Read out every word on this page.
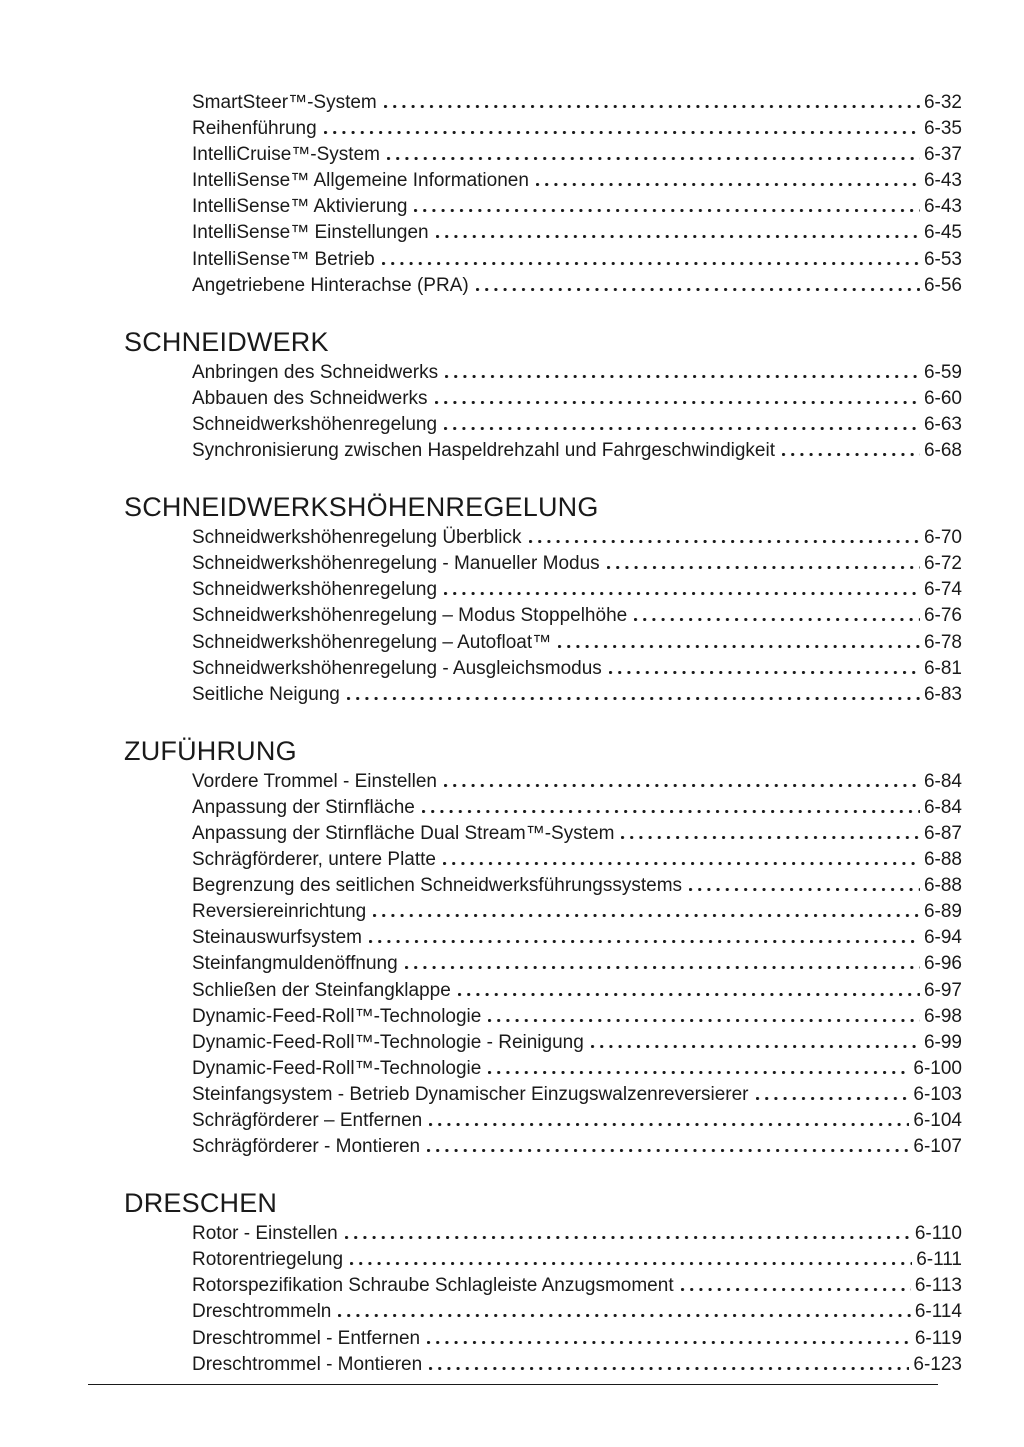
SmartSteer™-System	6-32
Reihenführung	6-35
IntelliCruise™-System	6-37
IntelliSense™ Allgemeine Informationen	6-43
IntelliSense™ Aktivierung	6-43
IntelliSense™ Einstellungen	6-45
IntelliSense™ Betrieb	6-53
Angetriebene Hinterachse (PRA)	6-56
SCHNEIDWERK
Anbringen des Schneidwerks	6-59
Abbauen des Schneidwerks	6-60
Schneidwerkshöhenregelung	6-63
Synchronisierung zwischen Haspeldrehzahl und Fahrgeschwindigkeit	6-68
SCHNEIDWERKSHÖHENREGELUNG
Schneidwerkshöhenregelung Überblick	6-70
Schneidwerkshöhenregelung - Manueller Modus	6-72
Schneidwerkshöhenregelung	6-74
Schneidwerkshöhenregelung – Modus Stoppelhöhe	6-76
Schneidwerkshöhenregelung – Autofloat™	6-78
Schneidwerkshöhenregelung - Ausgleichsmodus	6-81
Seitliche Neigung	6-83
ZUFÜHRUNG
Vordere Trommel - Einstellen	6-84
Anpassung der Stirnfläche	6-84
Anpassung der Stirnfläche Dual Stream™-System	6-87
Schrägförderer, untere Platte	6-88
Begrenzung des seitlichen Schneidwerksführungssystems	6-88
Reversiereinrichtung	6-89
Steinauswurfsystem	6-94
Steinfangmuldenöffnung	6-96
Schließen der Steinfangklappe	6-97
Dynamic-Feed-Roll™-Technologie	6-98
Dynamic-Feed-Roll™-Technologie - Reinigung	6-99
Dynamic-Feed-Roll™-Technologie	6-100
Steinfangsystem - Betrieb Dynamischer Einzugswalzenreversierer	6-103
Schrägförderer – Entfernen	6-104
Schrägförderer - Montieren	6-107
DRESCHEN
Rotor - Einstellen	6-110
Rotorentriegelung	6-111
Rotorspezifikation Schraube Schlagleiste Anzugsmoment	6-113
Dreschtrommeln	6-114
Dreschtrommel - Entfernen	6-119
Dreschtrommel - Montieren	6-123
